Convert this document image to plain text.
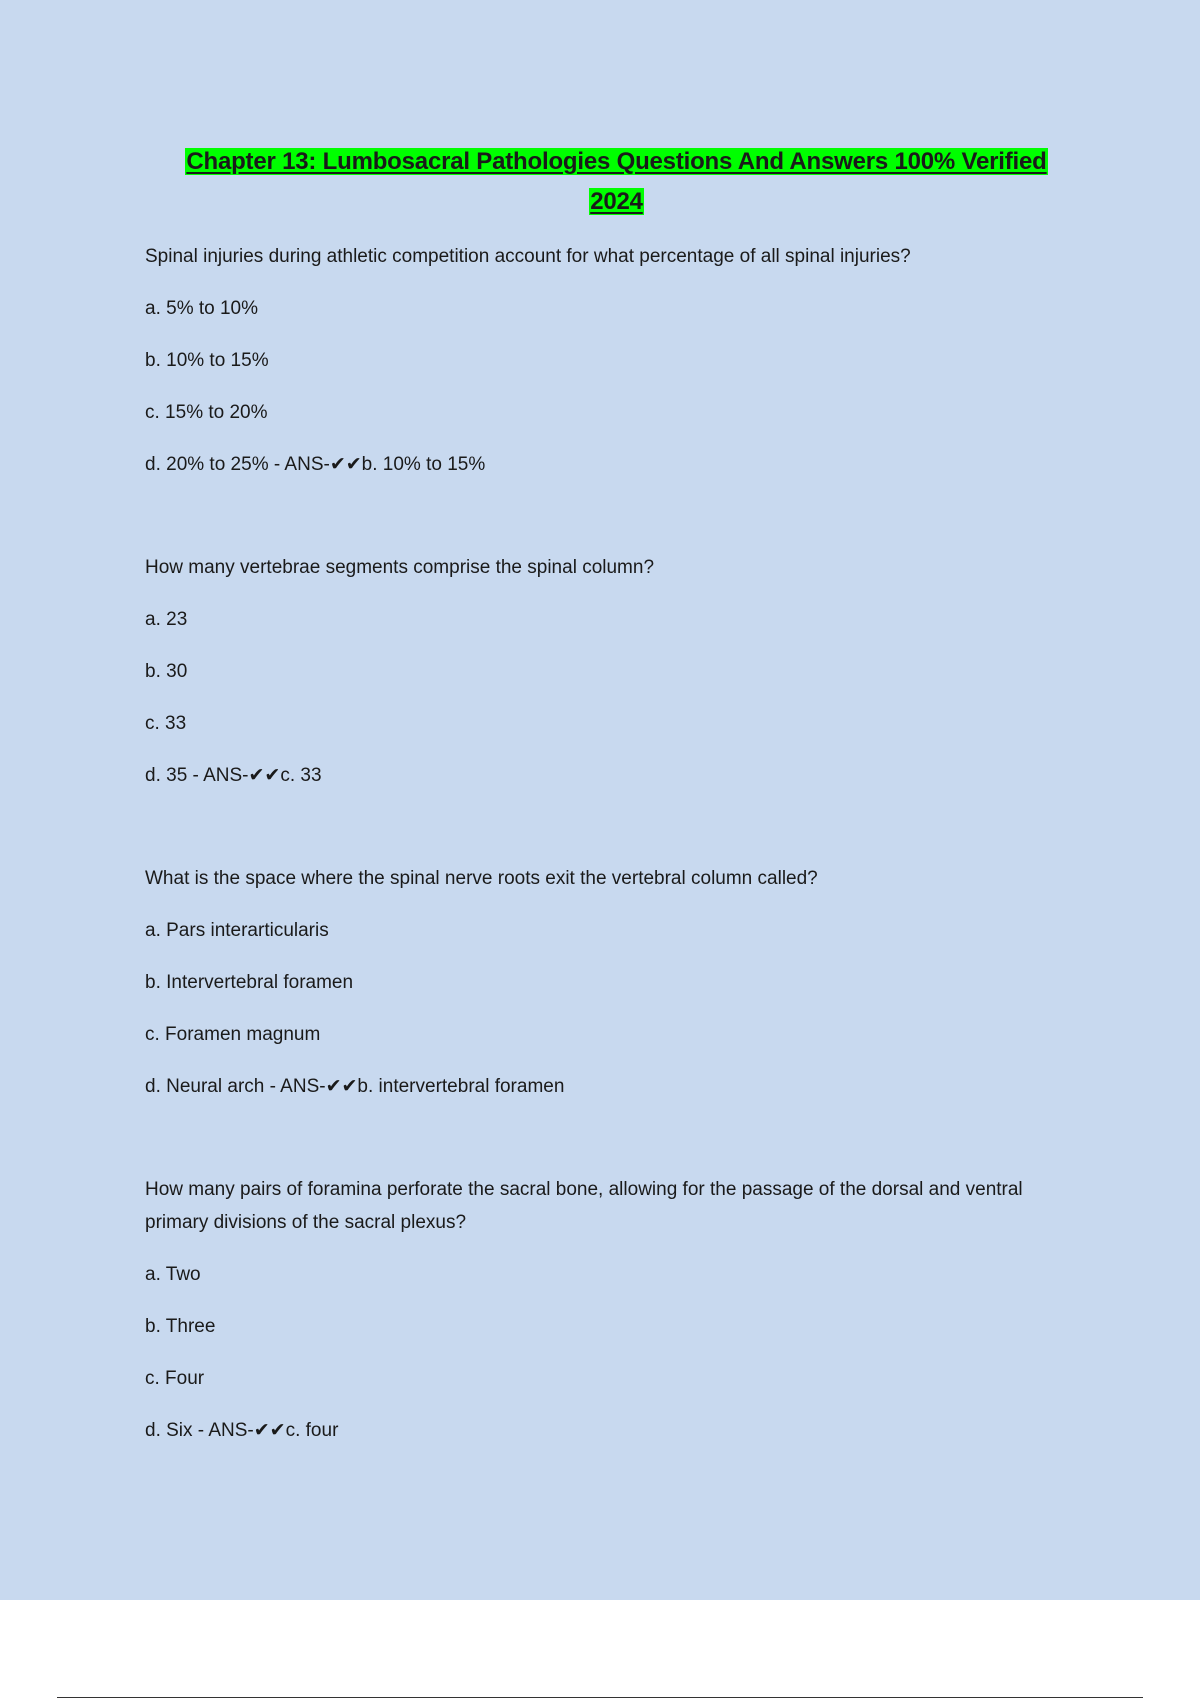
Chapter 13: Lumbosacral Pathologies Questions And Answers 100% Verified
2024
Spinal injuries during athletic competition account for what percentage of all spinal injuries?
a. 5% to 10%
b. 10% to 15%
c. 15% to 20%
d. 20% to 25% - ANS-✔✔b. 10% to 15%
How many vertebrae segments comprise the spinal column?
a. 23
b. 30
c. 33
d. 35 - ANS-✔✔c. 33
What is the space where the spinal nerve roots exit the vertebral column called?
a. Pars interarticularis
b. Intervertebral foramen
c. Foramen magnum
d. Neural arch - ANS-✔✔b. intervertebral foramen
How many pairs of foramina perforate the sacral bone, allowing for the passage of the dorsal and ventral primary divisions of the sacral plexus?
a. Two
b. Three
c. Four
d. Six - ANS-✔✔c. four
